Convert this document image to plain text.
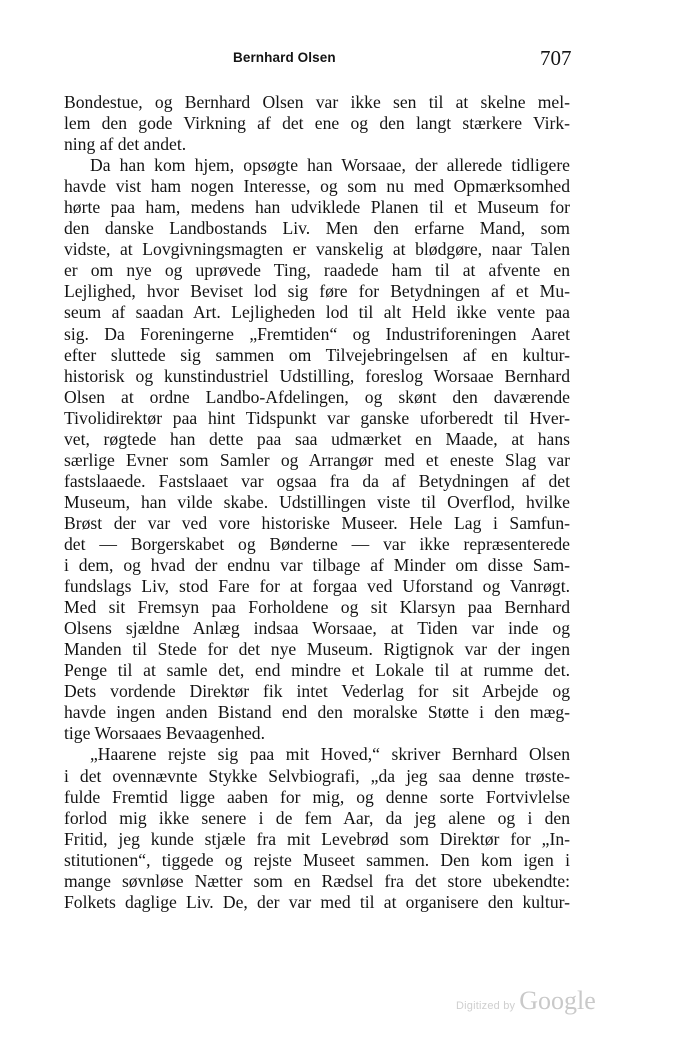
Bernhard Olsen	707
Bondestue, og Bernhard Olsen var ikke sen til at skelne mel-
lem den gode Virkning af det ene og den langt stærkere Virk-
ning af det andet.
Da han kom hjem, opsøgte han Worsaae, der allerede tidligere
havde vist ham nogen Interesse, og som nu med Opmærksomhed
hørte paa ham, medens han udviklede Planen til et Museum for
den danske Landbostands Liv. Men den erfarne Mand, som
vidste, at Lovgivningsmagten er vanskelig at blødgøre, naar Talen
er om nye og uprøvede Ting, raadede ham til at afvente en
Lejlighed, hvor Beviset lod sig føre for Betydningen af et Mu-
seum af saadan Art. Lejligheden lod til alt Held ikke vente paa
sig. Da Foreningerne „Fremtiden“ og Industriforeningen Aaret
efter sluttede sig sammen om Tilvejebringelsen af en kultur-
historisk og kunstindustriel Udstilling, foreslog Worsaae Bernhard
Olsen at ordne Landbo-Afdelingen, og skønt den daværende
Tivolidirektør paa hint Tidspunkt var ganske uforberedt til Hver-
vet, røgtede han dette paa saa udmærket en Maade, at hans
særlige Evner som Samler og Arrangør med et eneste Slag var
fastslaaede. Fastslaaet var ogsaa fra da af Betydningen af det
Museum, han vilde skabe. Udstillingen viste til Overflod, hvilke
Brøst der var ved vore historiske Museer. Hele Lag i Samfun-
det — Borgerskabet og Bønderne — var ikke repræsenterede
i dem, og hvad der endnu var tilbage af Minder om disse Sam-
fundslags Liv, stod Fare for at forgaa ved Uforstand og Vanrøgt.
Med sit Fremsyn paa Forholdene og sit Klarsyn paa Bernhard
Olsens sjældne Anlæg indsaa Worsaae, at Tiden var inde og
Manden til Stede for det nye Museum. Rigtignok var der ingen
Penge til at samle det, end mindre et Lokale til at rumme det.
Dets vordende Direktør fik intet Vederlag for sit Arbejde og
havde ingen anden Bistand end den moralske Støtte i den mæg-
tige Worsaaes Bevaagenhed.
„Haarene rejste sig paa mit Hoved,“ skriver Bernhard Olsen
i det ovennævnte Stykke Selvbiografi, „da jeg saa denne trøste-
fulde Fremtid ligge aaben for mig, og denne sorte Fortvivlelse
forlod mig ikke senere i de fem Aar, da jeg alene og i den
Fritid, jeg kunde stjæle fra mit Levebrød som Direktør for „In-
stitutionen“, tiggede og rejste Museet sammen. Den kom igen i
mange søvnløse Nætter som en Rædsel fra det store ubekendte:
Folkets daglige Liv. De, der var med til at organisere den kultur-
Digitized by Google
